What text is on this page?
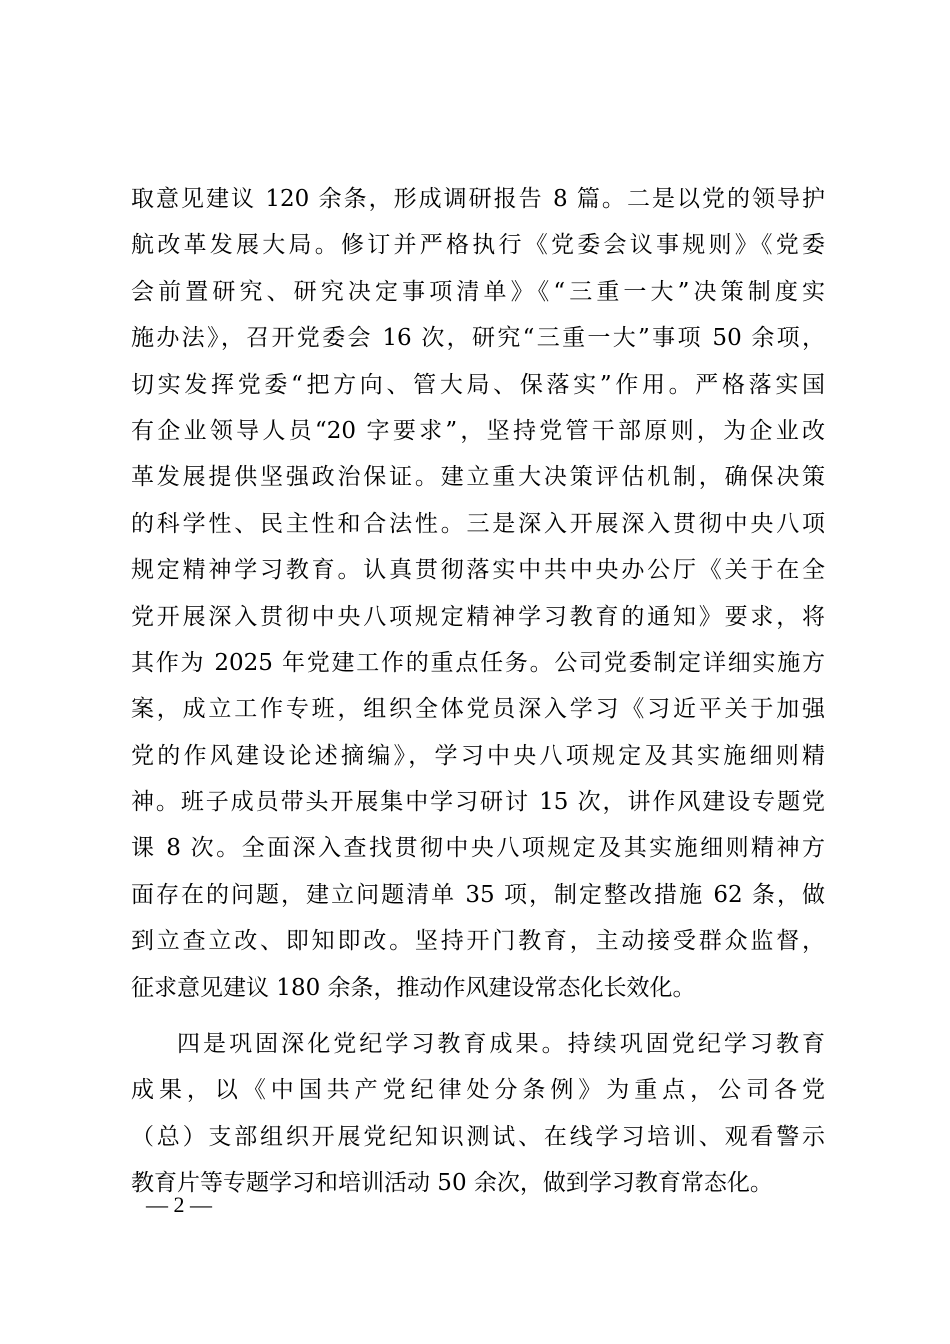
取意见建议 120 余条，形成调研报告 8 篇。二是以党的领导护
航改革发展大局。修订并严格执行《党委会议事规则》《党委
会前置研究、研究决定事项清单》《“三重一大”决策制度实
施办法》，召开党委会 16 次，研究“三重一大”事项 50 余项，
切实发挥党委“把方向、管大局、保落实”作用。严格落实国
有企业领导人员“20 字要求”，坚持党管干部原则，为企业改
革发展提供坚强政治保证。建立重大决策评估机制，确保决策
的科学性、民主性和合法性。三是深入开展深入贯彻中央八项
规定精神学习教育。认真贯彻落实中共中央办公厅《关于在全
党开展深入贯彻中央八项规定精神学习教育的通知》要求，将
其作为 2025 年党建工作的重点任务。公司党委制定详细实施方
案，成立工作专班，组织全体党员深入学习《习近平关于加强
党的作风建设论述摘编》，学习中央八项规定及其实施细则精
神。班子成员带头开展集中学习研讨 15 次，讲作风建设专题党
课 8 次。全面深入查找贯彻中央八项规定及其实施细则精神方
面存在的问题，建立问题清单 35 项，制定整改措施 62 条，做
到立查立改、即知即改。坚持开门教育，主动接受群众监督，
征求意见建议 180 余条，推动作风建设常态化长效化。
四是巩固深化党纪学习教育成果。持续巩固党纪学习教育
成果，以《中国共产党纪律处分条例》为重点，公司各党
（总）支部组织开展党纪知识测试、在线学习培训、观看警示
教育片等专题学习和培训活动 50 余次，做到学习教育常态化。
— 2 —
